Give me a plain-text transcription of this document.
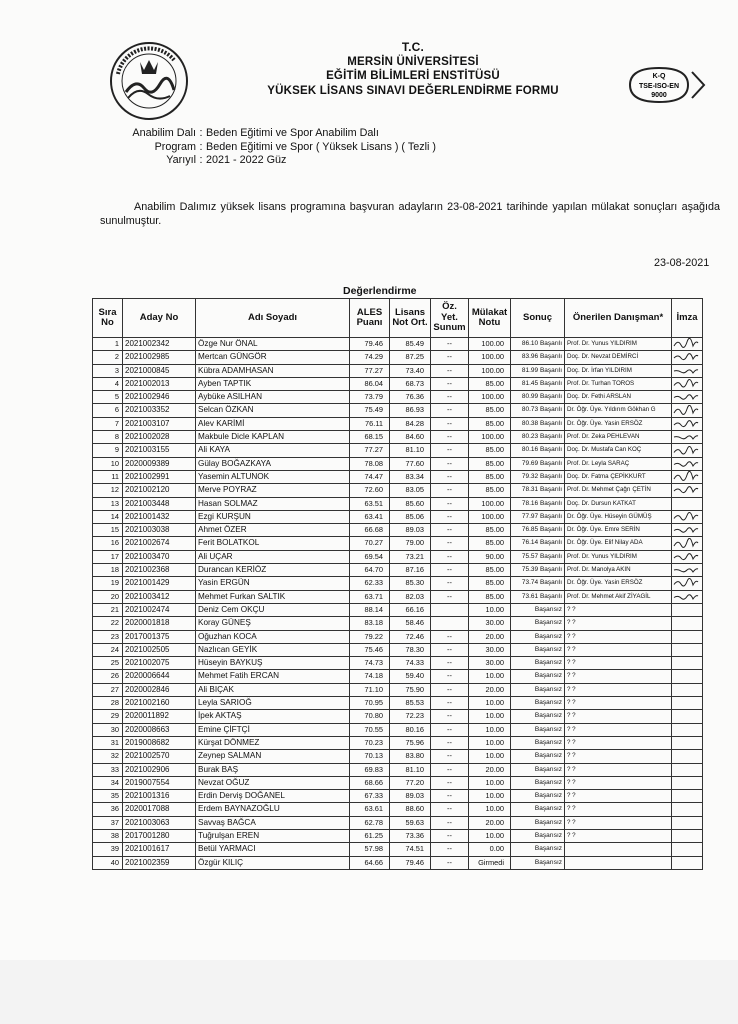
K-Q
TSE-ISO-EN
9000
T.C.
MERSİN ÜNİVERSİTESİ
EĞİTİM BİLİMLERİ ENSTİTÜSÜ
YÜKSEK LİSANS SINAVI DEĞERLENDİRME FORMU
Anabilim Dalı : Beden Eğitimi ve Spor Anabilim Dalı
Program : Beden Eğitimi ve Spor ( Yüksek Lisans ) ( Tezli )
Yarıyıl : 2021 - 2022 Güz
Anabilim Dalımız yüksek lisans programına başvuran adayların 23-08-2021 tarihinde yapılan mülakat sonuçları aşağıda sunulmuştur.
23-08-2021
Değerlendirme
Sıra No	Aday No	Adı Soyadı	ALES Puanı	Lisans Not Ort.	Öz. Yet. Sunum	Mülakat Notu	Sonuç	Önerilen Danışman*	İmza
1	2021002342	Özge Nur ÖNAL	79.46	85.49	--	100.00	86.10 Başarılı	Prof. Dr. Yunus YILDIRIM	

2	2021002985	Mertcan GÜNGÖR	74.29	87.25	--	100.00	83.96 Başarılı	Doç. Dr. Nevzat DEMİRCİ	

3	2021000845	Kübra ADAMHASAN	77.27	73.40	--	100.00	81.99 Başarılı	Doç. Dr. İrfan YILDIRIM	

4	2021002013	Ayben TAPTIK	86.04	68.73	--	85.00	81.45 Başarılı	Prof. Dr. Turhan TOROS	

5	2021002946	Aybüke ASILHAN	73.79	76.36	--	100.00	80.99 Başarılı	Doç. Dr. Fethi ARSLAN	

6	2021003352	Selcan ÖZKAN	75.49	86.93	--	85.00	80.73 Başarılı	Dr. Öğr. Üye. Yıldırım Gökhan G	

7	2021003107	Alev KARİMİ	76.11	84.28	--	85.00	80.38 Başarılı	Dr. Öğr. Üye. Yasin ERSÖZ	

8	2021002028	Makbule Dicle KAPLAN	68.15	84.60	--	100.00	80.23 Başarılı	Prof. Dr. Zeka PEHLEVAN	

9	2021003155	Ali KAYA	77.27	81.10	--	85.00	80.16 Başarılı	Doç. Dr. Mustafa Can KOÇ	

10	2020009389	Gülay BOĞAZKAYA	78.08	77.60	--	85.00	79.69 Başarılı	Prof. Dr. Leyla SARAÇ	

11	2021002991	Yasemin ALTUNOK	74.47	83.34	--	85.00	79.32 Başarılı	Doç. Dr. Fatma ÇEPİKKURT	

12	2021002120	Merve POYRAZ	72.60	83.05	--	85.00	78.31 Başarılı	Prof. Dr. Mehmet Çağrı ÇETİN	

13	2021003448	Hasan SOLMAZ	63.51	85.60	--	100.00	78.16 Başarılı	Doç. Dr. Dursun KATKAT	
14	2021001432	Ezgi KURŞUN	63.41	85.06	--	100.00	77.97 Başarılı	Dr. Öğr. Üye. Hüseyin GÜMÜŞ	

15	2021003038	Ahmet ÖZER	66.68	89.03	--	85.00	76.85 Başarılı	Dr. Öğr. Üye. Emre SERİN	

16	2021002674	Ferit BOLATKOL	70.27	79.00	--	85.00	76.14 Başarılı	Dr. Öğr. Üye. Elif Nilay ADA	

17	2021003470	Ali UÇAR	69.54	73.21	--	90.00	75.57 Başarılı	Prof. Dr. Yunus YILDIRIM	

18	2021002368	Durancan KERİÖZ	64.70	87.16	--	85.00	75.39 Başarılı	Prof. Dr. Manolya AKIN	

19	2021001429	Yasin ERGÜN	62.33	85.30	--	85.00	73.74 Başarılı	Dr. Öğr. Üye. Yasin ERSÖZ	

20	2021003412	Mehmet Furkan SALTIK	63.71	82.03	--	85.00	73.61 Başarılı	Prof. Dr. Mehmet Akif ZİYAGİL	

21	2021002474	Deniz Cem OKÇU	88.14	66.16		10.00	Başarısız	? ?	
22	2020001818	Koray GÜNEŞ	83.18	58.46		30.00	Başarısız	? ?	
23	2017001375	Oğuzhan KOCA	79.22	72.46	--	20.00	Başarısız	? ?	
24	2021002505	Nazlıcan GEYİK	75.46	78.30	--	30.00	Başarısız	? ?	
25	2021002075	Hüseyin BAYKUŞ	74.73	74.33	--	30.00	Başarısız	? ?	
26	2020006644	Mehmet Fatih ERCAN	74.18	59.40	--	10.00	Başarısız	? ?	
27	2020002846	Ali BIÇAK	71.10	75.90	--	20.00	Başarısız	? ?	
28	2021002160	Leyla SARIOĞ	70.95	85.53	--	10.00	Başarısız	? ?	
29	2020011892	İpek AKTAŞ	70.80	72.23	--	10.00	Başarısız	? ?	
30	2020008663	Emine ÇİFTÇİ	70.55	80.16	--	10.00	Başarısız	? ?	
31	2019008682	Kürşat DÖNMEZ	70.23	75.96	--	10.00	Başarısız	? ?	
32	2021002570	Zeynep SALMAN	70.13	83.80	--	10.00	Başarısız	? ?	
33	2021002906	Burak BAŞ	69.83	81.10	--	20.00	Başarısız	? ?	
34	2019007554	Nevzat OĞUZ	68.66	77.20	--	10.00	Başarısız	? ?	
35	2021001316	Erdin Derviş DOĞANEL	67.33	89.03	--	10.00	Başarısız	? ?	
36	2020017088	Erdem BAYNAZOĞLU	63.61	88.60	--	10.00	Başarısız	? ?	
37	2021003063	Savvaş BAĞCA	62.78	59.63	--	20.00	Başarısız	? ?	
38	2017001280	Tuğrulşan EREN	61.25	73.36	--	10.00	Başarısız	? ?	
39	2021001617	Betül YARMACI	57.98	74.51	--	0.00	Başarısız		
40	2021002359	Özgür KILIÇ	64.66	79.46	--	Girmedi	Başarısız		
